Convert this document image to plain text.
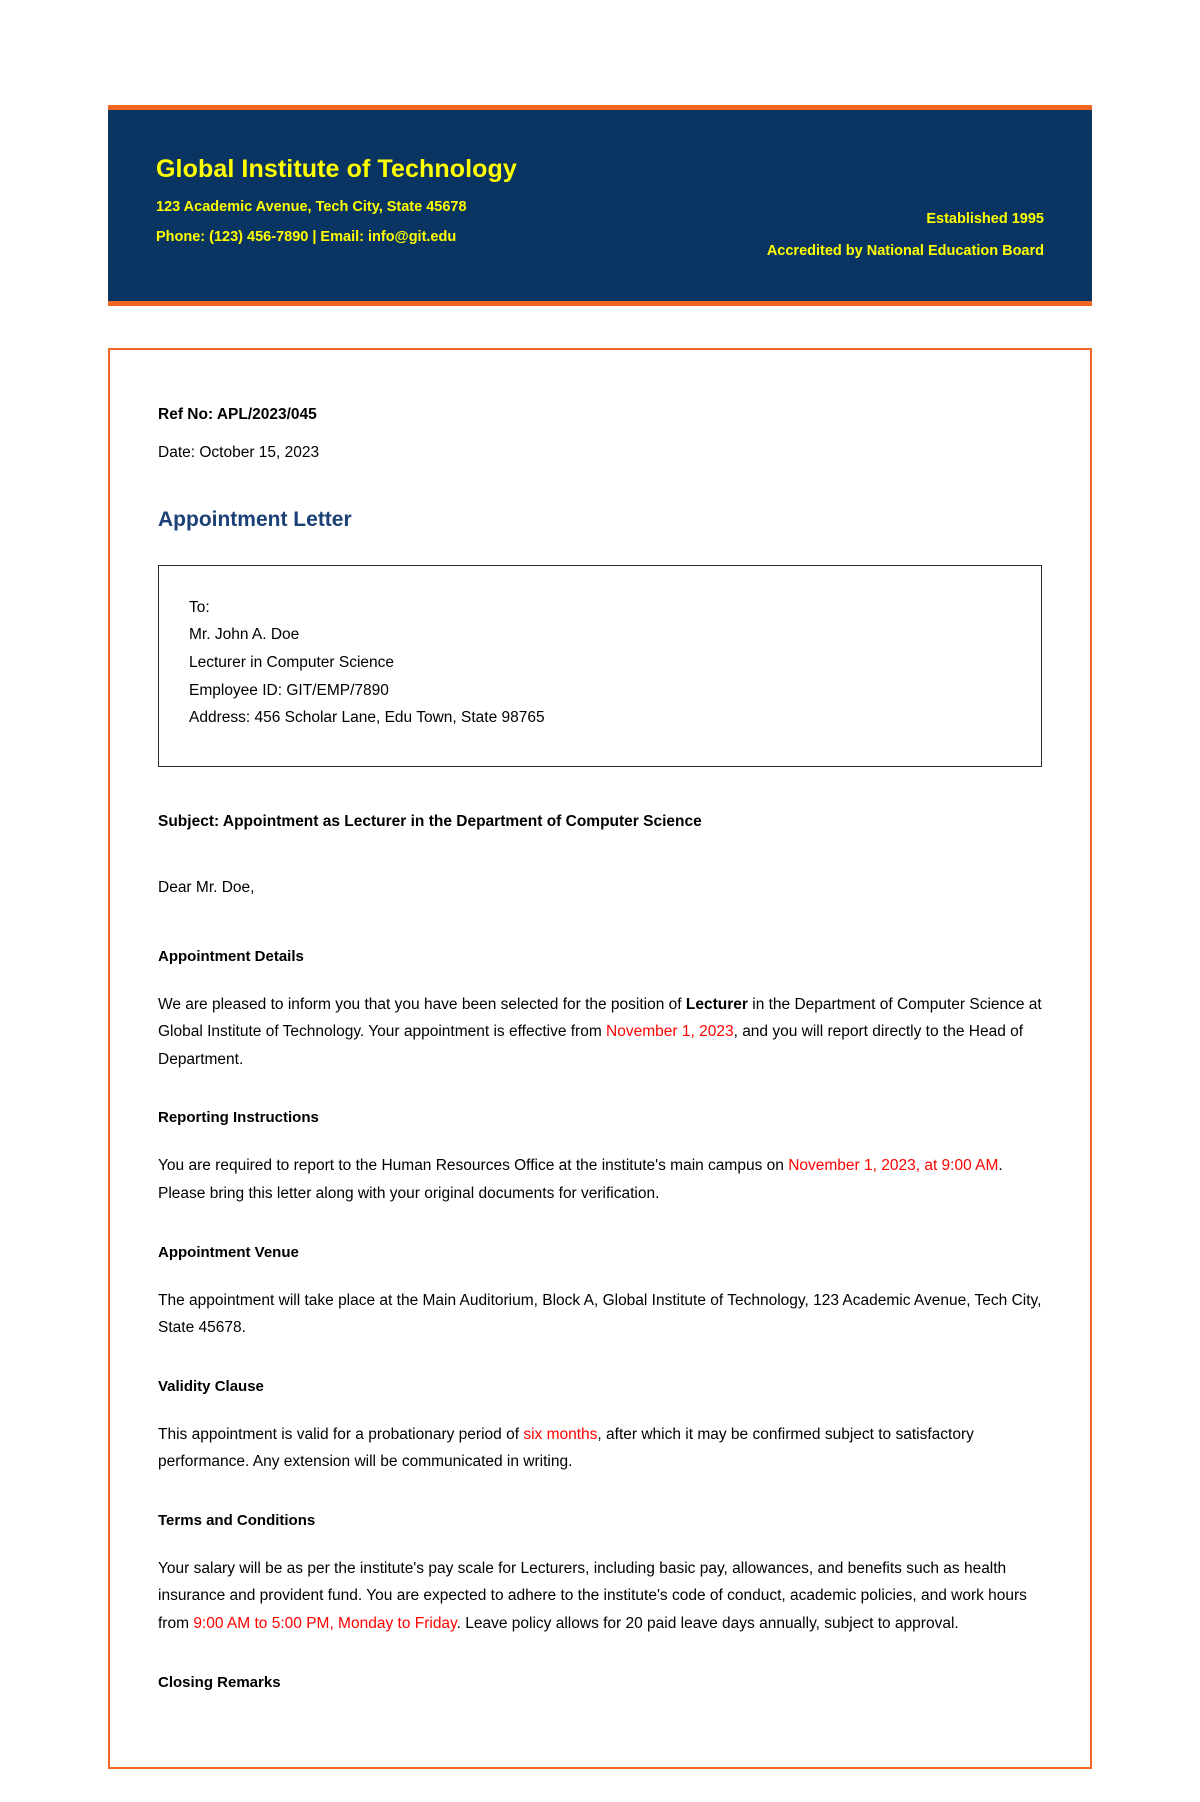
Global Institute of Technology
123 Academic Avenue, Tech City, State 45678
Phone: (123) 456-7890 | Email: info@git.edu
Established 1995
Accredited by National Education Board
Ref No: APL/2023/045
Date: October 15, 2023
Appointment Letter

To:

Mr. John A. Doe

Lecturer in Computer Science

Employee ID: GIT/EMP/7890

Address: 456 Scholar Lane, Edu Town, State 98765

Subject: Appointment as Lecturer in the Department of Computer Science
Dear Mr. Doe,
Appointment Details

We are pleased to inform you that you have been selected for the position of Lecturer in the Department of Computer Science at Global Institute of Technology. Your appointment is effective from November 1, 2023, and you will report directly to the Head of Department.

Reporting Instructions

You are required to report to the Human Resources Office at the institute's main campus on November 1, 2023, at 9:00 AM. Please bring this letter along with your original documents for verification.

Appointment Venue

The appointment will take place at the Main Auditorium, Block A, Global Institute of Technology, 123 Academic Avenue, Tech City, State 45678.

Validity Clause

This appointment is valid for a probationary period of six months, after which it may be confirmed subject to satisfactory performance. Any extension will be communicated in writing.

Terms and Conditions

Your salary will be as per the institute's pay scale for Lecturers, including basic pay, allowances, and benefits such as health insurance and provident fund. You are expected to adhere to the institute's code of conduct, academic policies, and work hours from 9:00 AM to 5:00 PM, Monday to Friday. Leave policy allows for 20 paid leave days annually, subject to approval.

Closing Remarks
